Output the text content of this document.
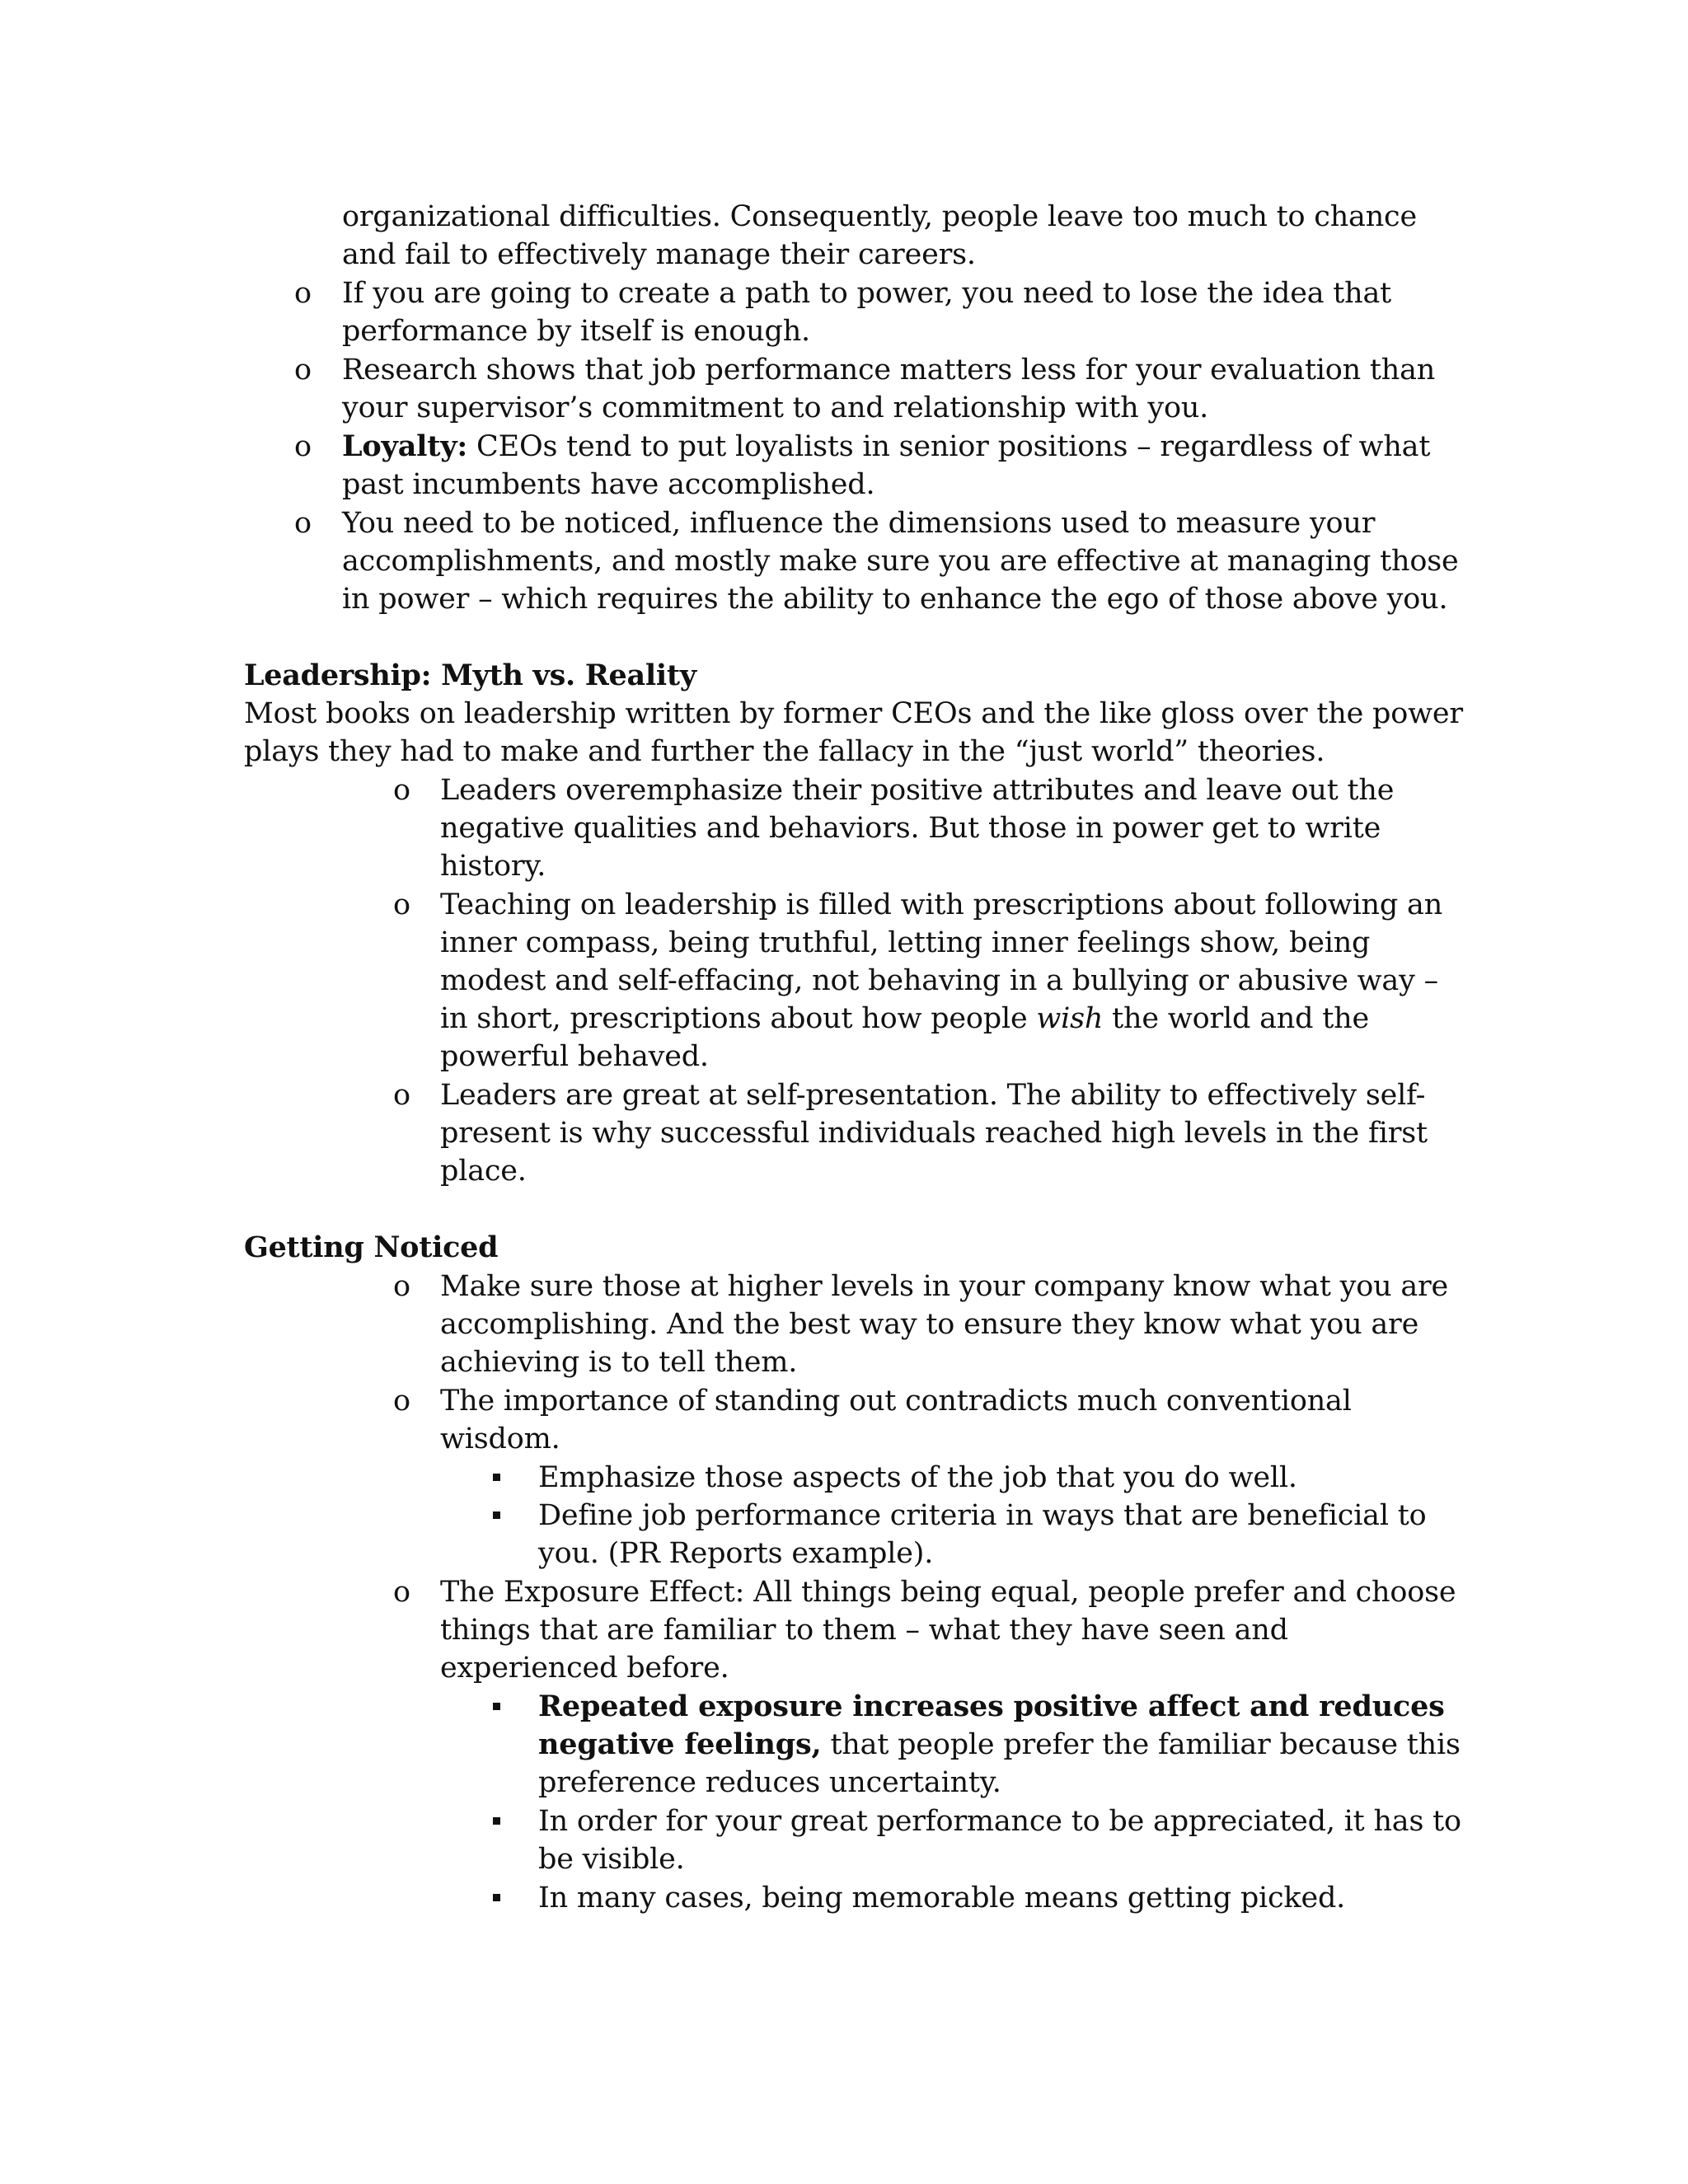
organizational difficulties. Consequently, people leave too much to chance
and fail to effectively manage their careers.
o If you are going to create a path to power, you need to lose the idea that
performance by itself is enough.
o Research shows that job performance matters less for your evaluation than
your supervisor’s commitment to and relationship with you.
o Loyalty: CEOs tend to put loyalists in senior positions – regardless of what
past incumbents have accomplished.
o You need to be noticed, influence the dimensions used to measure your
accomplishments, and mostly make sure you are effective at managing those
in power – which requires the ability to enhance the ego of those above you.
Leadership: Myth vs. Reality
Most books on leadership written by former CEOs and the like gloss over the power
plays they had to make and further the fallacy in the “just world” theories.
o Leaders overemphasize their positive attributes and leave out the
negative qualities and behaviors. But those in power get to write
history.
o Teaching on leadership is filled with prescriptions about following an
inner compass, being truthful, letting inner feelings show, being
modest and self-effacing, not behaving in a bullying or abusive way –
in short, prescriptions about how people wish the world and the
powerful behaved.
o Leaders are great at self-presentation. The ability to effectively self-
present is why successful individuals reached high levels in the first
place.
Getting Noticed
o Make sure those at higher levels in your company know what you are
accomplishing. And the best way to ensure they know what you are
achieving is to tell them.
o The importance of standing out contradicts much conventional
wisdom.
Emphasize those aspects of the job that you do well.
Define job performance criteria in ways that are beneficial to
you. (PR Reports example).
o The Exposure Effect: All things being equal, people prefer and choose
things that are familiar to them – what they have seen and
experienced before.
Repeated exposure increases positive affect and reduces
negative feelings, that people prefer the familiar because this
preference reduces uncertainty.
In order for your great performance to be appreciated, it has to
be visible.
In many cases, being memorable means getting picked.
